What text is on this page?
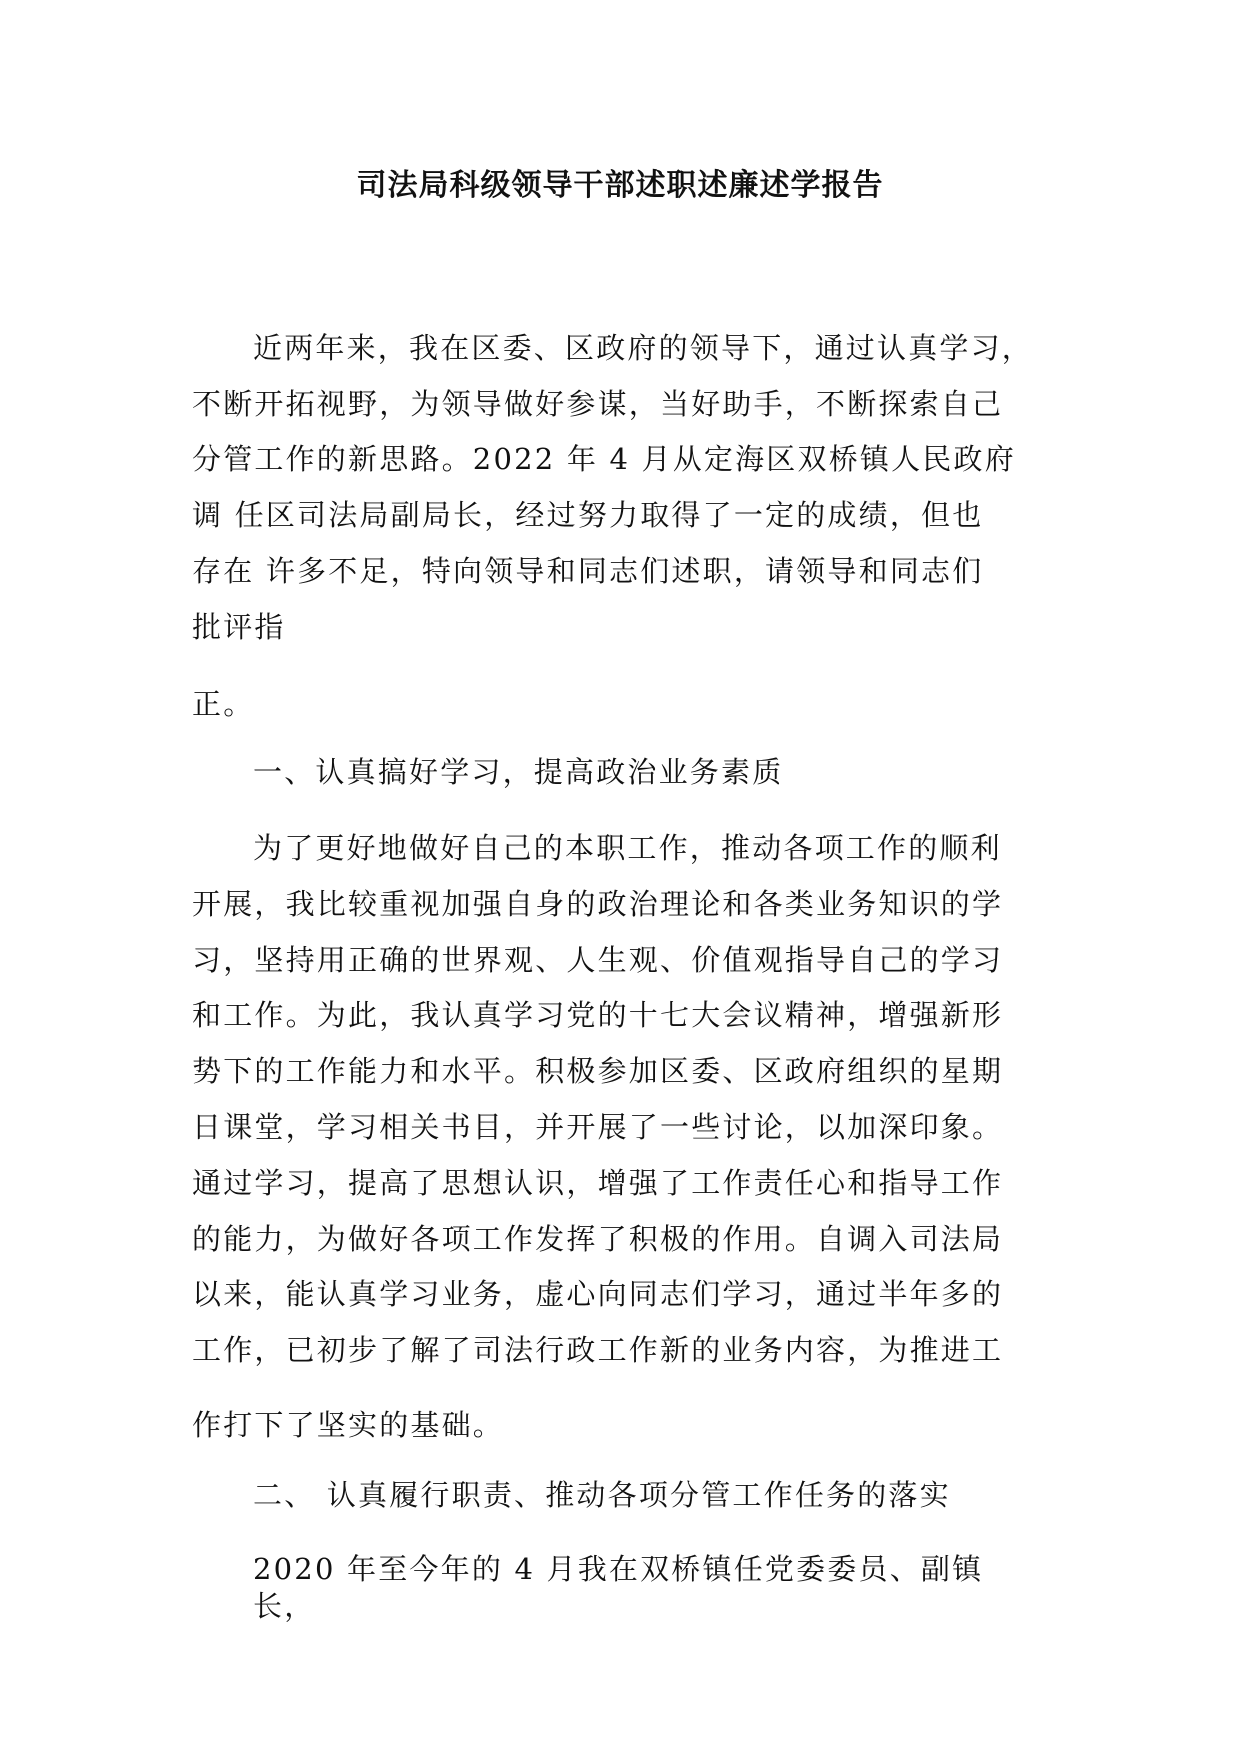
司法局科级领导干部述职述廉述学报告

近两年来，我在区委、区政府的领导下，通过认真学习，

不断开拓视野，为领导做好参谋，当好助手，不断探索自己

分管工作的新思路。2022 年 4 月从定海区双桥镇人民政府

调 任区司法局副局长，经过努力取得了一定的成绩，但也

存在 许多不足，特向领导和同志们述职，请领导和同志们

批评指

正。

一、认真搞好学习，提高政治业务素质

为了更好地做好自己的本职工作，推动各项工作的顺利

开展，我比较重视加强自身的政治理论和各类业务知识的学

习，坚持用正确的世界观、人生观、价值观指导自己的学习

和工作。为此，我认真学习党的十七大会议精神，增强新形

势下的工作能力和水平。积极参加区委、区政府组织的星期

日课堂，学习相关书目，并开展了一些讨论，以加深印象。

通过学习，提高了思想认识，增强了工作责任心和指导工作

的能力，为做好各项工作发挥了积极的作用。自调入司法局

以来，能认真学习业务，虚心向同志们学习，通过半年多的

工作，已初步了解了司法行政工作新的业务内容，为推进工

作打下了坚实的基础。

二、 认真履行职责、推动各项分管工作任务的落实

2020 年至今年的 4 月我在双桥镇任党委委员、副镇

长，
